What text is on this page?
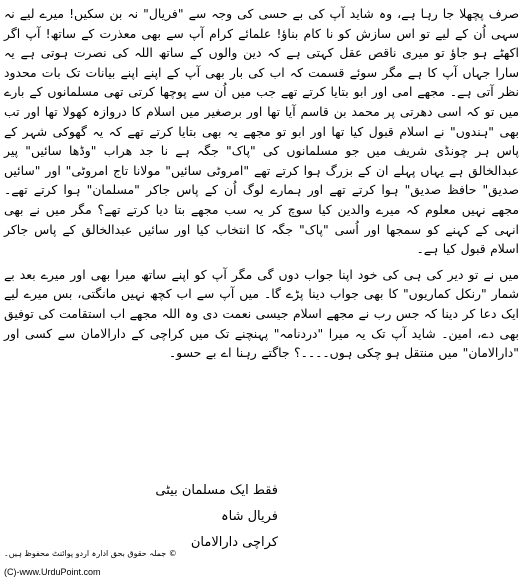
صرف پچھلا جا رہا ہے، وہ شاید آپ کی بے حسی کی وجہ سے "فریال" نہ بن سکیں! میرے لیے نہ سہی اُن کے لیے تو اس سازش کو نا کام بناؤ! علمائے کرام آپ سے بھی معذرت کے ساتھ! آپ اگر اکھٹے ہو جاؤ تو میری ناقص عقل کہتی ہے کہ دین والوں کے ساتھ اللہ کی نصرت ہوتی ہے یہ سارا جہاں آپ کا ہے مگر سوئے قسمت کہ اب کی بار بھی آپ کے اپنے اپنے بیانات تک بات محدود نظر آتی ہے۔ مجھے امی اور ابو بتایا کرتے تھے جب میں اُن سے پوچھا کرتی تھی مسلمانوں کے بارے میں تو کہ اسی دھرتی پر محمد بن قاسم آیا تھا اور برصغیر میں اسلام کا دروازہ کھولا تھا اور تب بھی "ہندوں" نے اسلام قبول کیا تھا اور ابو تو مجھے یہ بھی بتایا کرتے تھے کہ یہ گھوکی شہر کے پاس ہر چونڈی شریف میں جو مسلمانوں کی "پاک" جگہ ہے نا جد ھراب "وڈھا سائیں" پیر عبدالخالق ہے یہاں پہلے ان کے بزرگ ہوا کرتے تھے "امروٹی سائیں" مولانا تاج امروٹی" اور "سائیں صدیق" حافظ صدیق" ہوا کرتے تھے اور ہمارے لوگ اُن کے پاس جاکر "مسلمان" ہوا کرتے تھے۔ مجھے نہیں معلوم کہ میرے والدین کیا سوچ کر یہ سب مجھے بتا دیا کرتے تھے؟ مگر میں نے بھی انہی کے کہنے کو سمجھا اور اُسی "پاک" جگہ کا انتخاب کیا اور سائیں عبدالخالق کے پاس جاکر اسلام قبول کیا ہے۔

میں نے تو دیر کی ہی کی خود اپنا جواب دوں گی مگر آپ کو اپنے ساتھ میرا بھی اور میرے بعد بے شمار "رنکل کماریوں" کا بھی جواب دینا پڑے گا۔ میں آپ سے اب کچھ نہیں مانگتی، بس میرے لیے ایک دعا کر دینا کہ جس رب نے مجھے اسلام جیسی نعمت دی وہ اللہ مجھے اب استقامت کی توفیق بھی دے، امین۔ شاید آپ تک یہ میرا "دردنامہ" پہنچنے تک میں کراچی کے دارالامان سے کسی اور "دارالامان" میں منتقل ہو چکی ہوں۔۔۔۔؟ جاگتے رہنا اے بے حسو۔

فقط ایک مسلمان بیٹی
فریال شاہ
کراچی دارالامان
© جملہ حقوق بحق ادارہ اردو پوائنٹ محفوظ ہیں۔
(C)-www.UrduPoint.com
